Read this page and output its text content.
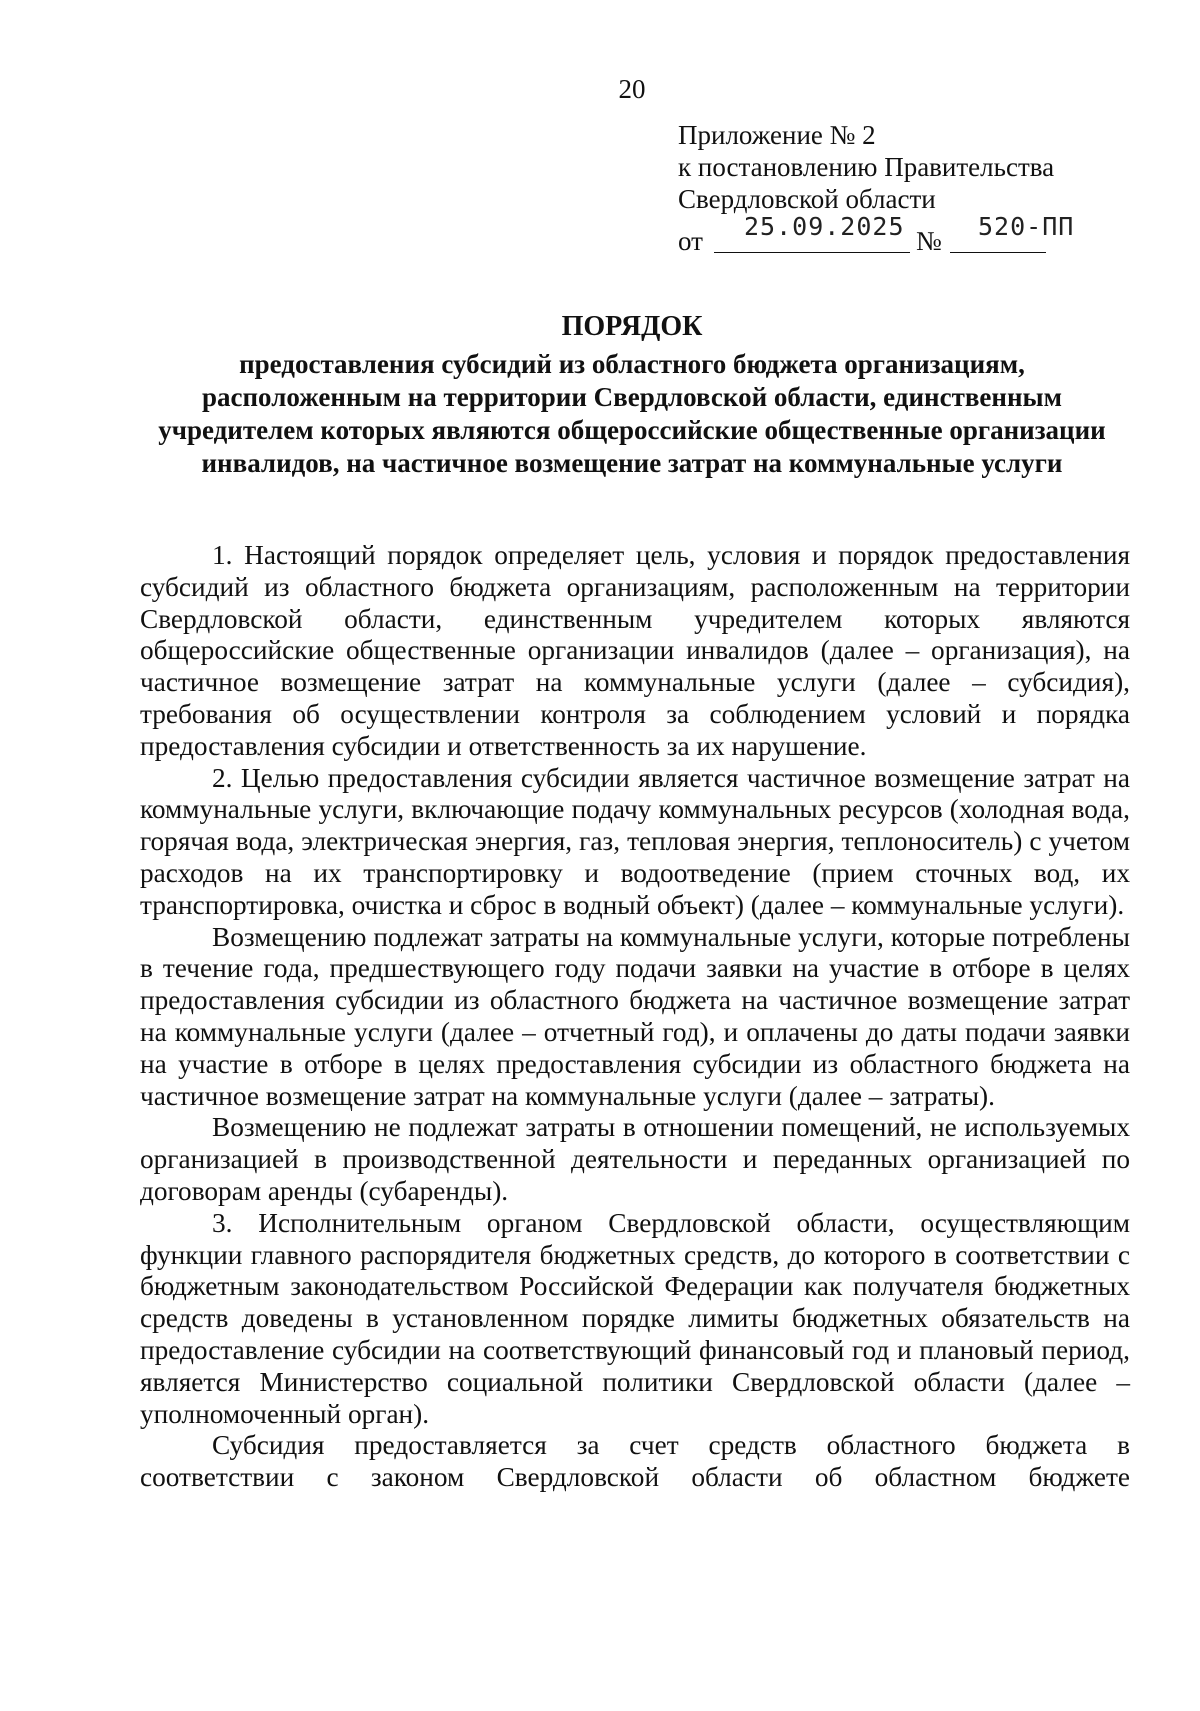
20
Приложение № 2
к постановлению Правительства
Свердловской области
от 25.09.2025 № 520-ПП
ПОРЯДОК
предоставления субсидий из областного бюджета организациям,
расположенным на территории Свердловской области, единственным
учредителем которых являются общероссийские общественные организации
инвалидов, на частичное возмещение затрат на коммунальные услуги

1. Настоящий порядок определяет цель, условия и порядок предоставления субсидий из областного бюджета организациям, расположенным на территории Свердловской области, единственным учредителем которых являются общероссийские общественные организации инвалидов (далее – организация), на частичное возмещение затрат на коммунальные услуги (далее – субсидия), требования об осуществлении контроля за соблюдением условий и порядка предоставления субсидии и ответственность за их нарушение.

2. Целью предоставления субсидии является частичное возмещение затрат на коммунальные услуги, включающие подачу коммунальных ресурсов (холодная вода, горячая вода, электрическая энергия, газ, тепловая энергия, теплоноситель) с учетом расходов на их транспортировку и водоотведение (прием сточных вод, их транспортировка, очистка и сброс в водный объект) (далее – коммунальные услуги).

Возмещению подлежат затраты на коммунальные услуги, которые потреблены в течение года, предшествующего году подачи заявки на участие в отборе в целях предоставления субсидии из областного бюджета на частичное возмещение затрат на коммунальные услуги (далее – отчетный год), и оплачены до даты подачи заявки на участие в отборе в целях предоставления субсидии из областного бюджета на частичное возмещение затрат на коммунальные услуги (далее – затраты).

Возмещению не подлежат затраты в отношении помещений, не используемых организацией в производственной деятельности и переданных организацией по договорам аренды (субаренды).

3. Исполнительным органом Свердловской области, осуществляющим функции главного распорядителя бюджетных средств, до которого в соответствии с бюджетным законодательством Российской Федерации как получателя бюджетных средств доведены в установленном порядке лимиты бюджетных обязательств на предоставление субсидии на соответствующий финансовый год и плановый период, является Министерство социальной политики Свердловской области (далее – уполномоченный орган).

Субсидия предоставляется за счет средств областного бюджета в соответствии с законом Свердловской области об областном бюджете
